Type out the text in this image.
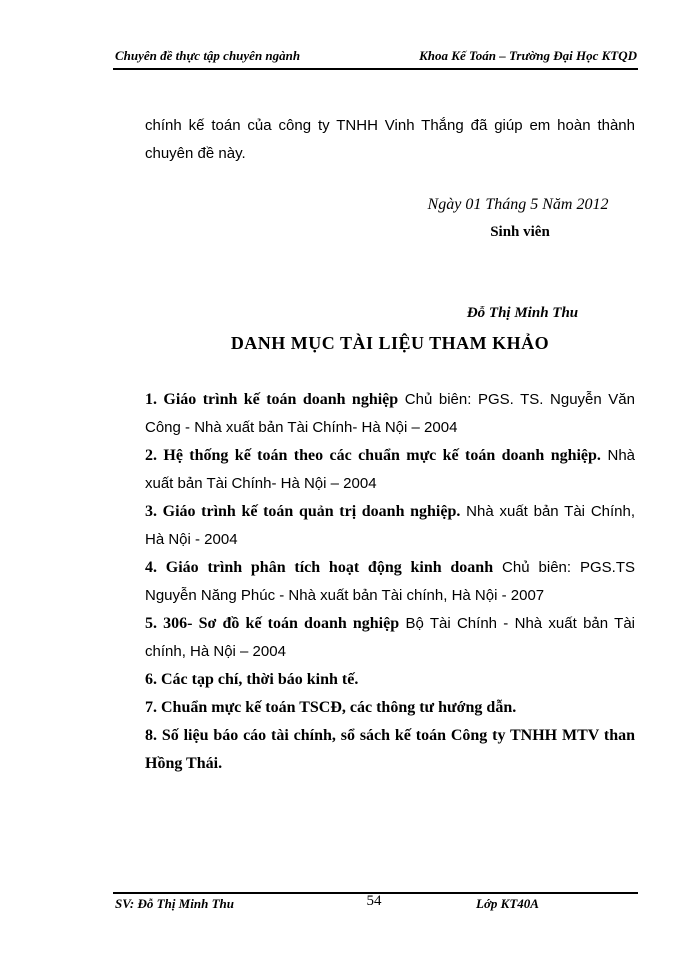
Chuyên đề thực tập chuyên ngành	Khoa Kế Toán – Trường Đại Học KTQD
chính kế toán của công ty TNHH Vinh Thắng đã giúp em hoàn thành chuyên đề này.
Ngày 01 Tháng 5 Năm 2012
Sinh viên
Đỗ Thị Minh Thu
DANH MỤC TÀI LIỆU THAM KHẢO
1. Giáo trình kế toán doanh nghiệp Chủ biên: PGS. TS. Nguyễn Văn Công - Nhà xuất bản Tài Chính- Hà Nội – 2004
2. Hệ thống kế toán theo các chuẩn mực kế toán doanh nghiệp. Nhà xuất bản Tài Chính- Hà Nội – 2004
3. Giáo trình kế toán quản trị doanh nghiệp. Nhà xuất bản Tài Chính, Hà Nội - 2004
4. Giáo trình phân tích hoạt động kinh doanh Chủ biên: PGS.TS Nguyễn Năng Phúc - Nhà xuất bản Tài chính, Hà Nội - 2007
5. 306- Sơ đồ kế toán doanh nghiệp Bộ Tài Chính - Nhà xuất bản Tài chính, Hà Nội – 2004
6. Các tạp chí, thời báo kinh tế.
7. Chuẩn mực kế toán TSCĐ, các thông tư hướng dẫn.
8. Số liệu báo cáo tài chính, sổ sách kế toán Công ty TNHH MTV than Hồng Thái.
SV: Đỗ Thị Minh Thu	54	Lớp KT40A
